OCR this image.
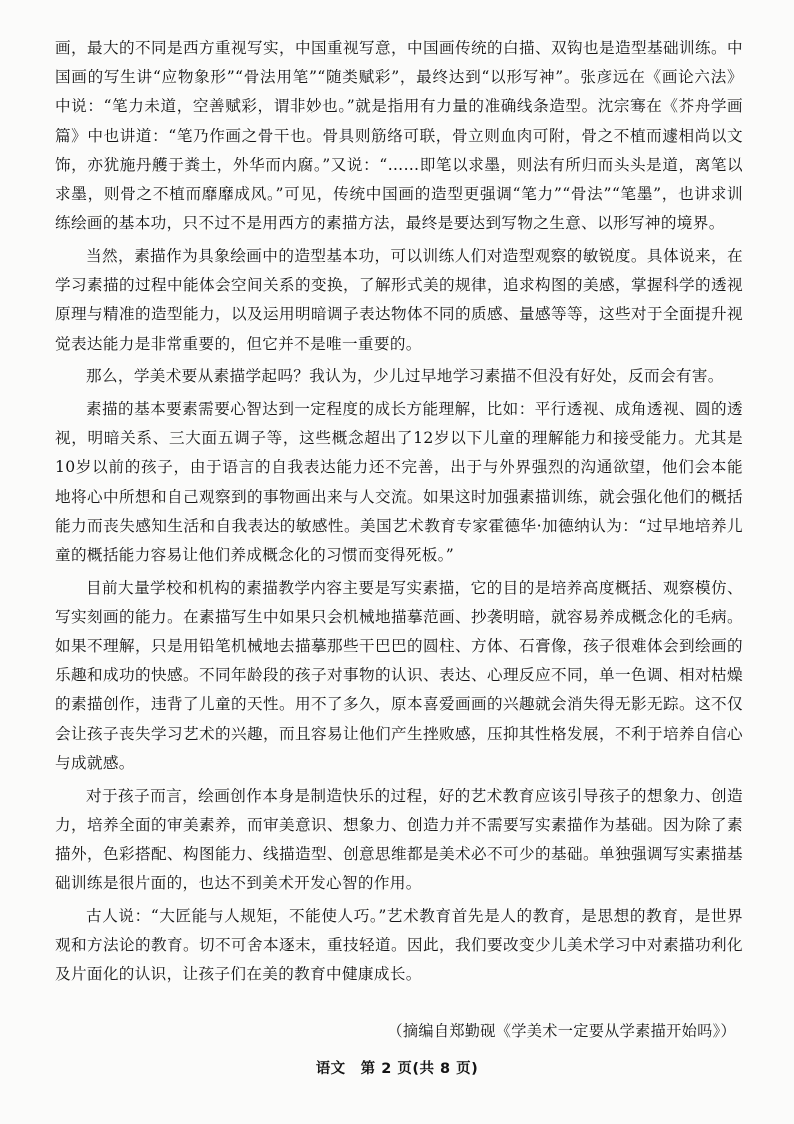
画，最大的不同是西方重视写实，中国重视写意，中国画传统的白描、双钩也是造型基础训练。中国画的写生讲“应物象形”“骨法用笔”“随类赋彩”，最终达到“以形写神”。张彦远在《画论六法》中说：“笔力未道，空善赋彩，谓非妙也。”就是指用有力量的准确线条造型。沈宗骞在《芥舟学画篇》中也讲道：“笔乃作画之骨干也。骨具则筋络可联，骨立则血肉可附，骨之不植而遽相尚以文饰，亦犹施丹艧于粪土，外华而内腐。”又说：“……即笔以求墨，则法有所归而头头是道，离笔以求墨，则骨之不植而靡靡成风。”可见，传统中国画的造型更强调“笔力”“骨法”“笔墨”，也讲求训练绘画的基本功，只不过不是用西方的素描方法，最终是要达到写物之生意、以形写神的境界。

当然，素描作为具象绘画中的造型基本功，可以训练人们对造型观察的敏锐度。具体说来，在学习素描的过程中能体会空间关系的变换，了解形式美的规律，追求构图的美感，掌握科学的透视原理与精准的造型能力，以及运用明暗调子表达物体不同的质感、量感等等，这些对于全面提升视觉表达能力是非常重要的，但它并不是唯一重要的。

那么，学美术要从素描学起吗？我认为，少儿过早地学习素描不但没有好处，反而会有害。

素描的基本要素需要心智达到一定程度的成长方能理解，比如：平行透视、成角透视、圆的透视，明暗关系、三大面五调子等，这些概念超出了12岁以下儿童的理解能力和接受能力。尤其是10岁以前的孩子，由于语言的自我表达能力还不完善，出于与外界强烈的沟通欲望，他们会本能地将心中所想和自己观察到的事物画出来与人交流。如果这时加强素描训练，就会强化他们的概括能力而丧失感知生活和自我表达的敏感性。美国艺术教育专家霍德华·加德纳认为：“过早地培养儿童的概括能力容易让他们养成概念化的习惯而变得死板。”

目前大量学校和机构的素描教学内容主要是写实素描，它的目的是培养高度概括、观察模仿、写实刻画的能力。在素描写生中如果只会机械地描摹范画、抄袭明暗，就容易养成概念化的毛病。如果不理解，只是用铅笔机械地去描摹那些干巴巴的圆柱、方体、石膏像，孩子很难体会到绘画的乐趣和成功的快感。不同年龄段的孩子对事物的认识、表达、心理反应不同，单一色调、相对枯燥的素描创作，违背了儿童的天性。用不了多久，原本喜爱画画的兴趣就会消失得无影无踪。这不仅会让孩子丧失学习艺术的兴趣，而且容易让他们产生挫败感，压抑其性格发展，不利于培养自信心与成就感。

对于孩子而言，绘画创作本身是制造快乐的过程，好的艺术教育应该引导孩子的想象力、创造力，培养全面的审美素养，而审美意识、想象力、创造力并不需要写实素描作为基础。因为除了素描外，色彩搭配、构图能力、线描造型、创意思维都是美术必不可少的基础。单独强调写实素描基础训练是很片面的，也达不到美术开发心智的作用。

古人说：“大匠能与人规矩，不能使人巧。”艺术教育首先是人的教育，是思想的教育，是世界观和方法论的教育。切不可舍本逐末，重技轻道。因此，我们要改变少儿美术学习中对素描功利化及片面化的认识，让孩子们在美的教育中健康成长。

（摘编自郑勤砚《学美术一定要从学素描开始吗》）
语文　第 2 页(共 8 页)
